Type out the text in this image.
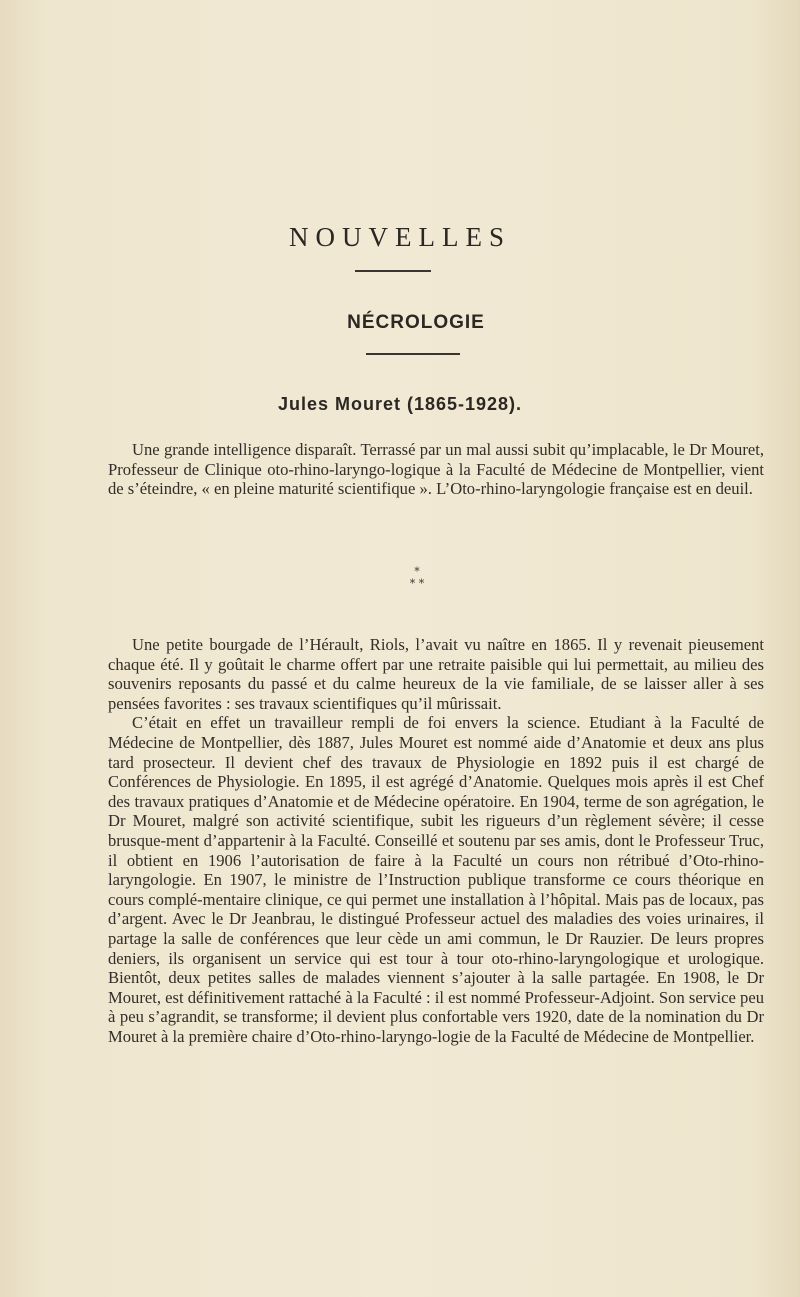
NOUVELLES
NÉCROLOGIE
Jules Mouret (1865-1928).

Une grande intelligence disparaît. Terrassé par un mal aussi subit qu’implacable, le Dr Mouret, Professeur de Clinique oto-rhino-laryngo-logique à la Faculté de Médecine de Montpellier, vient de s’éteindre, « en pleine maturité scientifique ». L’Oto-rhino-laryngologie française est en deuil.

*
* *

Une petite bourgade de l’Hérault, Riols, l’avait vu naître en 1865. Il y revenait pieusement chaque été. Il y goûtait le charme offert par une retraite paisible qui lui permettait, au milieu des souvenirs reposants du passé et du calme heureux de la vie familiale, de se laisser aller à ses pensées favorites : ses travaux scientifiques qu’il mûrissait.

C’était en effet un travailleur rempli de foi envers la science. Etudiant à la Faculté de Médecine de Montpellier, dès 1887, Jules Mouret est nommé aide d’Anatomie et deux ans plus tard prosecteur. Il devient chef des travaux de Physiologie en 1892 puis il est chargé de Conférences de Physiologie. En 1895, il est agrégé d’Anatomie. Quelques mois après il est Chef des travaux pratiques d’Anatomie et de Médecine opératoire. En 1904, terme de son agrégation, le Dr Mouret, malgré son activité scientifique, subit les rigueurs d’un règlement sévère; il cesse brusque-ment d’appartenir à la Faculté. Conseillé et soutenu par ses amis, dont le Professeur Truc, il obtient en 1906 l’autorisation de faire à la Faculté un cours non rétribué d’Oto-rhino-laryngologie. En 1907, le ministre de l’Instruction publique transforme ce cours théorique en cours complé-mentaire clinique, ce qui permet une installation à l’hôpital. Mais pas de locaux, pas d’argent. Avec le Dr Jeanbrau, le distingué Professeur actuel des maladies des voies urinaires, il partage la salle de conférences que leur cède un ami commun, le Dr Rauzier. De leurs propres deniers, ils organisent un service qui est tour à tour oto-rhino-laryngologique et urologique. Bientôt, deux petites salles de malades viennent s’ajouter à la salle partagée. En 1908, le Dr Mouret, est définitivement rattaché à la Faculté : il est nommé Professeur-Adjoint. Son service peu à peu s’agrandit, se transforme; il devient plus confortable vers 1920, date de la nomination du Dr Mouret à la première chaire d’Oto-rhino-laryngo-logie de la Faculté de Médecine de Montpellier.
